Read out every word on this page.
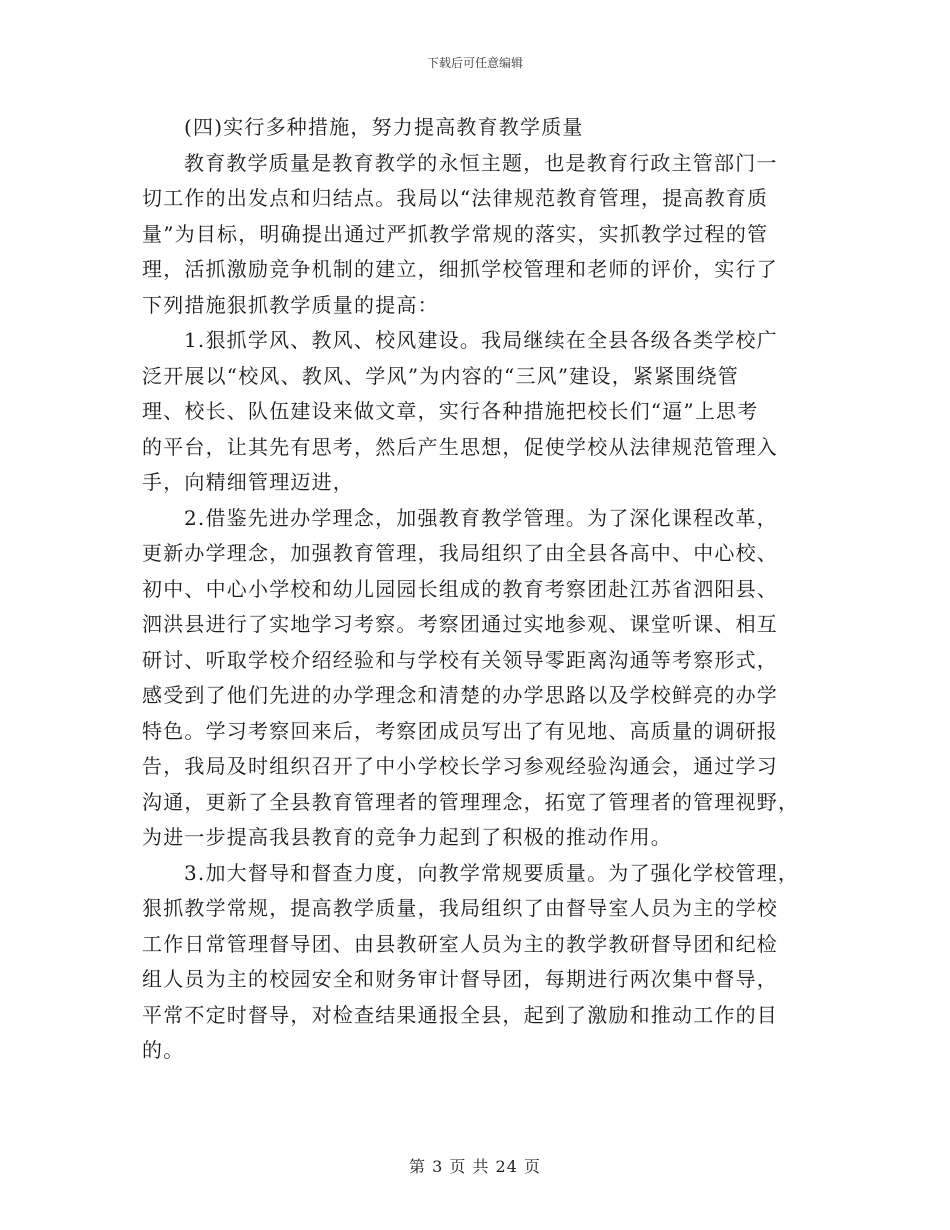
下载后可任意编辑
(四)实行多种措施，努力提高教育教学质量
教育教学质量是教育教学的永恒主题，也是教育行政主管部门一
切工作的出发点和归结点。我局以“法律规范教育管理，提高教育质
量”为目标，明确提出通过严抓教学常规的落实，实抓教学过程的管
理，活抓激励竞争机制的建立，细抓学校管理和老师的评价，实行了
下列措施狠抓教学质量的提高：
1.狠抓学风、教风、校风建设。我局继续在全县各级各类学校广
泛开展以“校风、教风、学风”为内容的“三风”建设，紧紧围绕管
理、校长、队伍建设来做文章，实行各种措施把校长们“逼”上思考
的平台，让其先有思考，然后产生思想，促使学校从法律规范管理入
手，向精细管理迈进，
2.借鉴先进办学理念，加强教育教学管理。为了深化课程改革，
更新办学理念，加强教育管理，我局组织了由全县各高中、中心校、
初中、中心小学校和幼儿园园长组成的教育考察团赴江苏省泗阳县、
泗洪县进行了实地学习考察。考察团通过实地参观、课堂听课、相互
研讨、听取学校介绍经验和与学校有关领导零距离沟通等考察形式，
感受到了他们先进的办学理念和清楚的办学思路以及学校鲜亮的办学
特色。学习考察回来后，考察团成员写出了有见地、高质量的调研报
告，我局及时组织召开了中小学校长学习参观经验沟通会，通过学习
沟通，更新了全县教育管理者的管理理念，拓宽了管理者的管理视野，
为进一步提高我县教育的竞争力起到了积极的推动作用。
3.加大督导和督查力度，向教学常规要质量。为了强化学校管理，
狠抓教学常规，提高教学质量，我局组织了由督导室人员为主的学校
工作日常管理督导团、由县教研室人员为主的教学教研督导团和纪检
组人员为主的校园安全和财务审计督导团，每期进行两次集中督导，
平常不定时督导，对检查结果通报全县，起到了激励和推动工作的目
的。
第 3 页 共 24 页
